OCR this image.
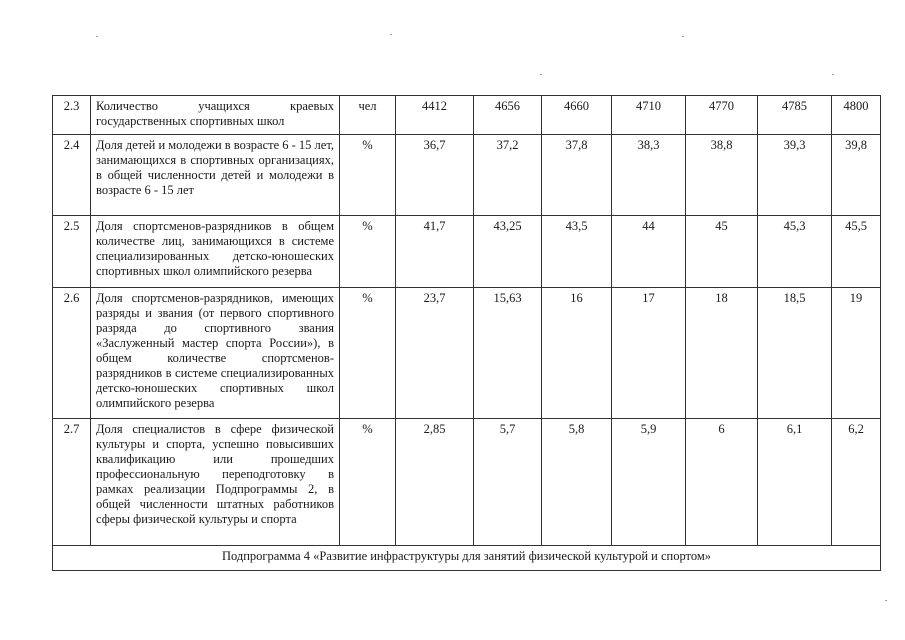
2.3	Количество учащихся краевых государственных спортивных школ	чел	4412	4656	4660	4710	4770	4785	4800
2.4	Доля детей и молодежи в возрасте 6 - 15 лет, занимающихся в спортивных организациях, в общей численности детей и молодежи в возрасте 6 - 15 лет	%	36,7	37,2	37,8	38,3	38,8	39,3	39,8
2.5	Доля спортсменов-разрядников в общем количестве лиц, занимающихся в системе специализированных детско-юношеских спортивных школ олимпийского резерва	%	41,7	43,25	43,5	44	45	45,3	45,5
2.6	Доля спортсменов-разрядников, имеющих разряды и звания (от первого спортивного разряда до спортивного звания «Заслуженный мастер спорта России»), в общем количестве спортсменов-разрядников в системе специализированных детско-юношеских спортивных школ олимпийского резерва	%	23,7	15,63	16	17	18	18,5	19
2.7	Доля специалистов в сфере физической культуры и спорта, успешно повысивших квалификацию или прошедших профессиональную переподготовку в рамках реализации Подпрограммы 2, в общей численности штатных работников сферы физической культуры и спорта	%	2,85	5,7	5,8	5,9	6	6,1	6,2
Подпрограмма 4 «Развитие инфраструктуры для занятий физической культурой и спортом»									
